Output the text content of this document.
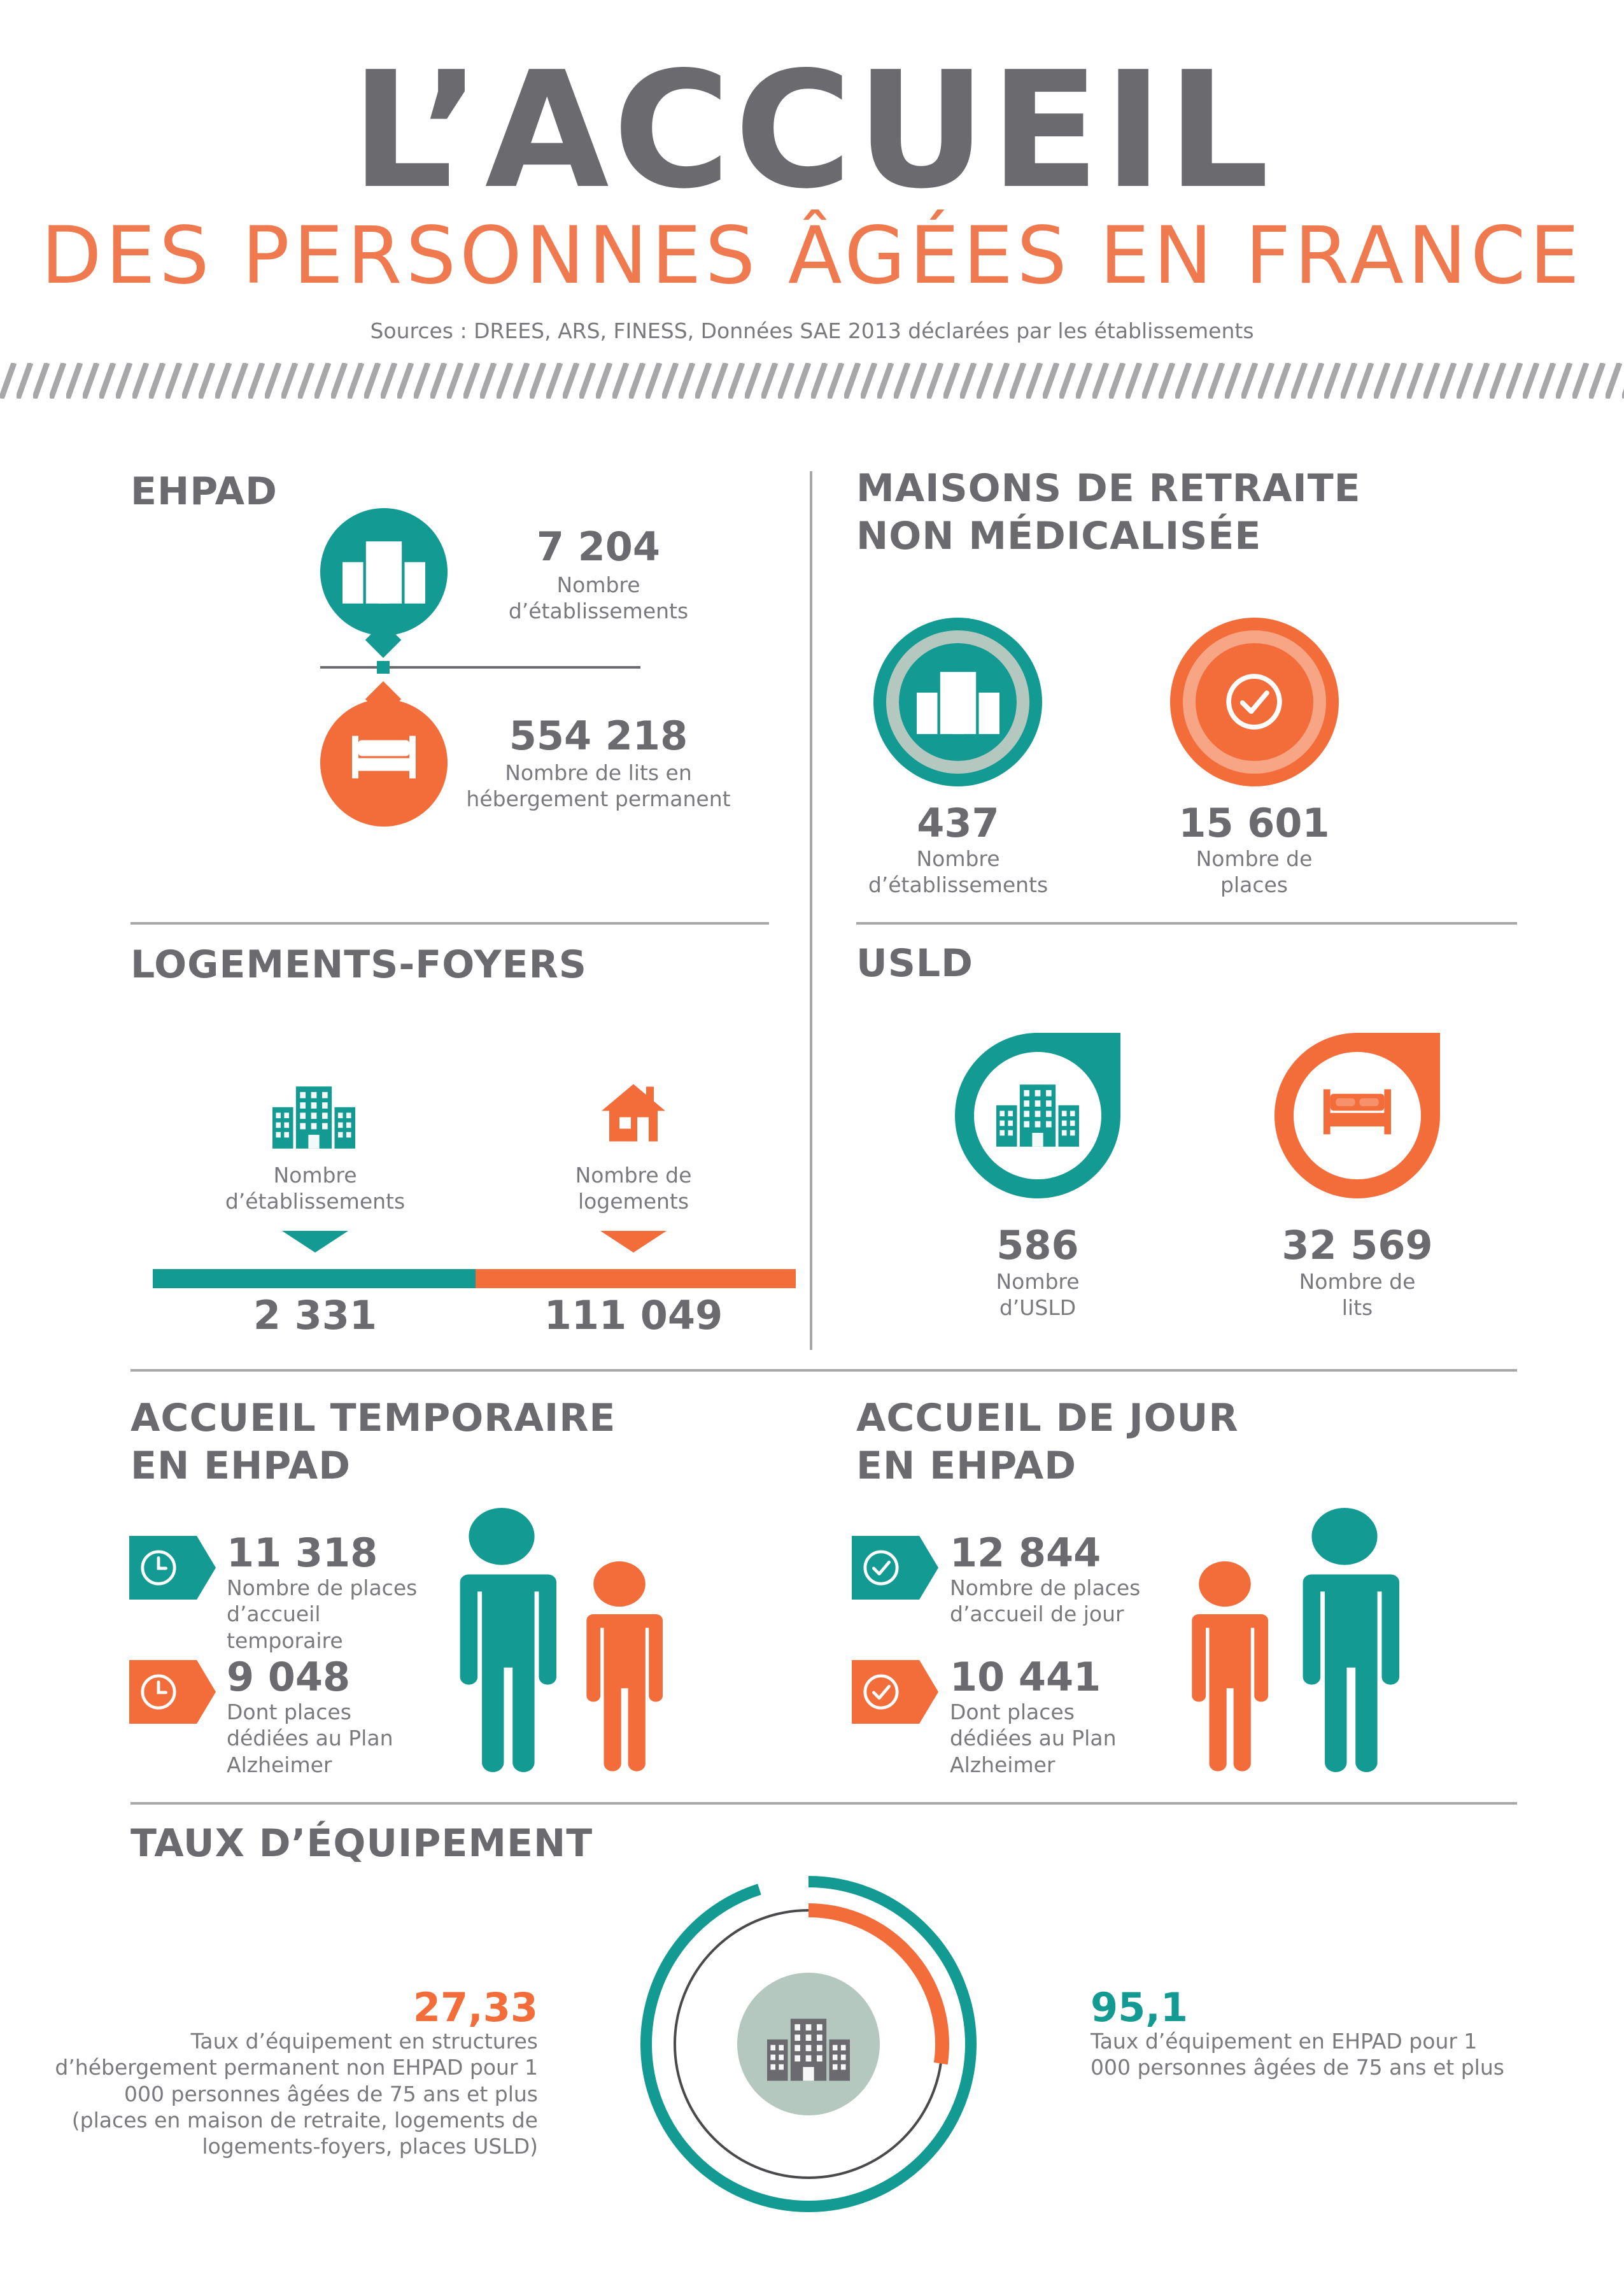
L’ACCUEIL
DES PERSONNES ÂGÉES EN FRANCE
Sources : DREES, ARS, FINESS, Données SAE 2013 déclarées par les établissements
EHPAD
7 204
Nombre d’établissements
554 218
Nombre de lits en hébergement permanent
MAISONS DE RETRAITE
NON MÉDICALISÉE
437
Nombre d’établissements
15 601
Nombre de places
LOGEMENTS-FOYERS
Nombre d’établissements
Nombre de logements
2 331	111 049
USLD
586
Nombre d’USLD
32 569
Nombre de lits
ACCUEIL TEMPORAIRE
EN EHPAD
11 318
Nombre de places d’accueil temporaire
9 048
Dont places dédiées au Plan Alzheimer
ACCUEIL DE JOUR
EN EHPAD
12 844
Nombre de places d’accueil de jour
10 441
Dont places dédiées au Plan Alzheimer
TAUX D’ÉQUIPEMENT
27,33
Taux d’équipement en structures d’hébergement permanent non EHPAD pour 1 000 personnes âgées de 75 ans et plus (places en maison de retraite, logements de logements-foyers, places USLD)
95,1
Taux d’équipement en EHPAD pour 1 000 personnes âgées de 75 ans et plus
